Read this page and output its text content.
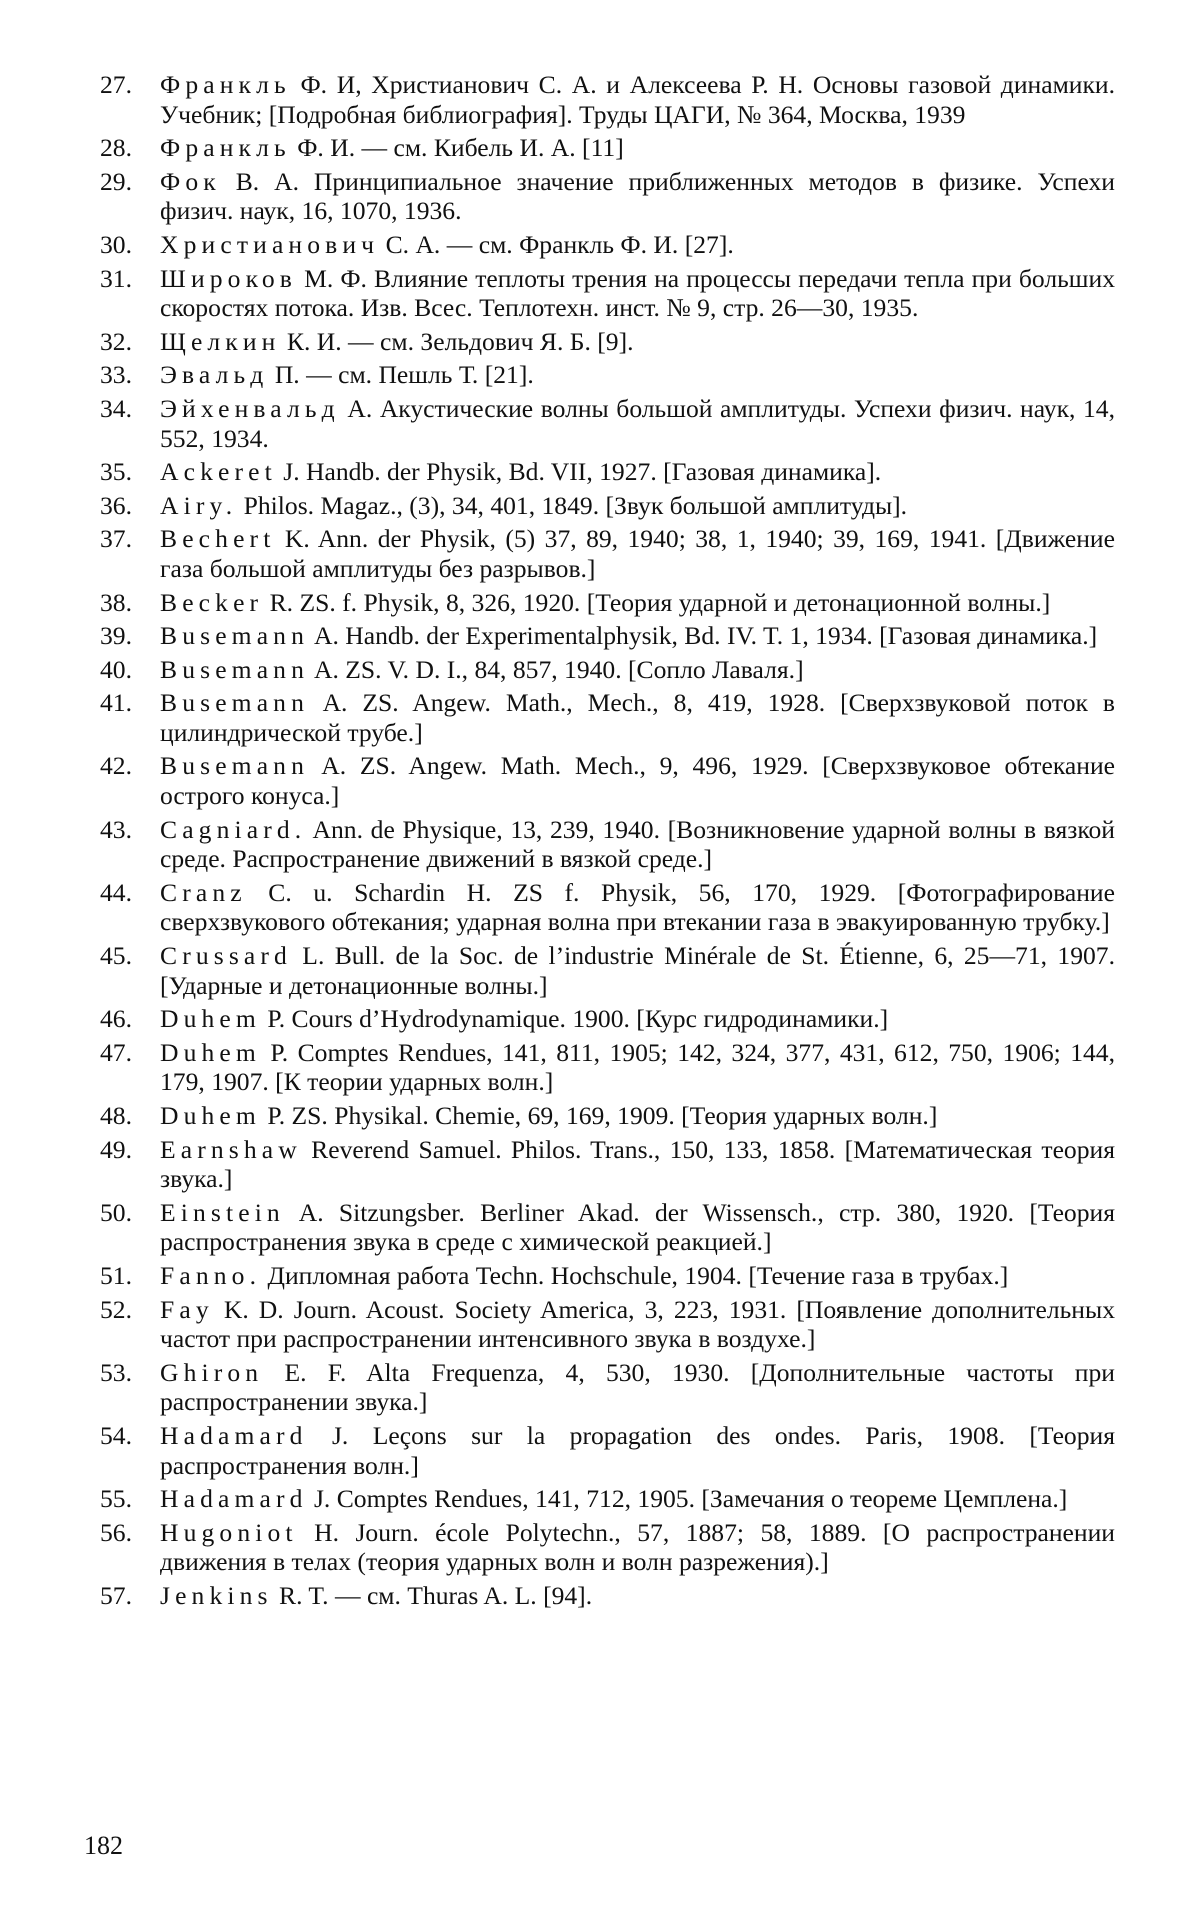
27.	Франкль Ф. И, Христианович С. А. и Алексеева Р. Н. Основы газовой динамики. Учебник; [Подробная библиография]. Труды ЦАГИ, № 364, Москва, 1939
28.	Франкль Ф. И. — см. Кибель И. А. [11]
29.	Фок В. А. Принципиальное значение приближенных методов в физике. Успехи физич. наук, 16, 1070, 1936.
30.	Христианович С. А. — см. Франкль Ф. И. [27].
31.	Широков М. Ф. Влияние теплоты трения на процессы передачи тепла при больших скоростях потока. Изв. Всес. Теплотехн. инст. № 9, стр. 26—30, 1935.
32.	Щелкин К. И. — см. Зельдович Я. Б. [9].
33.	Эвальд П. — см. Пешль Т. [21].
34.	Эйхенвальд А. Акустические волны большой амплитуды. Успехи физич. наук, 14, 552, 1934.
35.	Ackeret J. Handb. der Physik, Bd. VII, 1927. [Газовая динамика].
36.	Airy. Philos. Magaz., (3), 34, 401, 1849. [Звук большой амплитуды].
37.	Bechert K. Ann. der Physik, (5) 37, 89, 1940; 38, 1, 1940; 39, 169, 1941. [Движение газа большой амплитуды без разрывов.]
38.	Becker R. ZS. f. Physik, 8, 326, 1920. [Теория ударной и детонационной волны.]
39.	Busemann A. Handb. der Experimentalphysik, Bd. IV. T. 1, 1934. [Газовая динамика.]
40.	Busemann A. ZS. V. D. I., 84, 857, 1940. [Сопло Лаваля.]
41.	Busemann A. ZS. Angew. Math., Mech., 8, 419, 1928. [Сверхзвуковой поток в цилиндрической трубе.]
42.	Busemann A. ZS. Angew. Math. Mech., 9, 496, 1929. [Сверхзвуковое обтекание острого конуса.]
43.	Cagniard. Ann. de Physique, 13, 239, 1940. [Возникновение ударной волны в вязкой среде. Распространение движений в вязкой среде.]
44.	Cranz C. u. Schardin H. ZS f. Physik, 56, 170, 1929. [Фотографирование сверхзвукового обтекания; ударная волна при втекании газа в эвакуированную трубку.]
45.	Crussard L. Bull. de la Soc. de l’industrie Minérale de St. Étienne, 6, 25—71, 1907. [Ударные и детонационные волны.]
46.	Duhem P. Cours d’Hydrodynamique. 1900. [Курс гидродинамики.]
47.	Duhem P. Comptes Rendues, 141, 811, 1905; 142, 324, 377, 431, 612, 750, 1906; 144, 179, 1907. [К теории ударных волн.]
48.	Duhem P. ZS. Physikal. Chemie, 69, 169, 1909. [Теория ударных волн.]
49.	Earnshaw Reverend Samuel. Philos. Trans., 150, 133, 1858. [Математическая теория звука.]
50.	Einstein A. Sitzungsber. Berliner Akad. der Wissensch., стр. 380, 1920. [Теория распространения звука в среде с химической реакцией.]
51.	Fanno. Дипломная работа Techn. Hochschule, 1904. [Течение газа в трубах.]
52.	Fay K. D. Journ. Acoust. Society America, 3, 223, 1931. [Появление дополнительных частот при распространении интенсивного звука в воздухе.]
53.	Ghiron E. F. Alta Frequenza, 4, 530, 1930. [Дополнительные частоты при распространении звука.]
54.	Hadamard J. Leçons sur la propagation des ondes. Paris, 1908. [Теория распространения волн.]
55.	Hadamard J. Comptes Rendues, 141, 712, 1905. [Замечания о теореме Цемплена.]
56.	Hugoniot H. Journ. école Polytechn., 57, 1887; 58, 1889. [О распространении движения в телах (теория ударных волн и волн разрежения).]
57.	Jenkins R. T. — см. Thuras A. L. [94].
182
